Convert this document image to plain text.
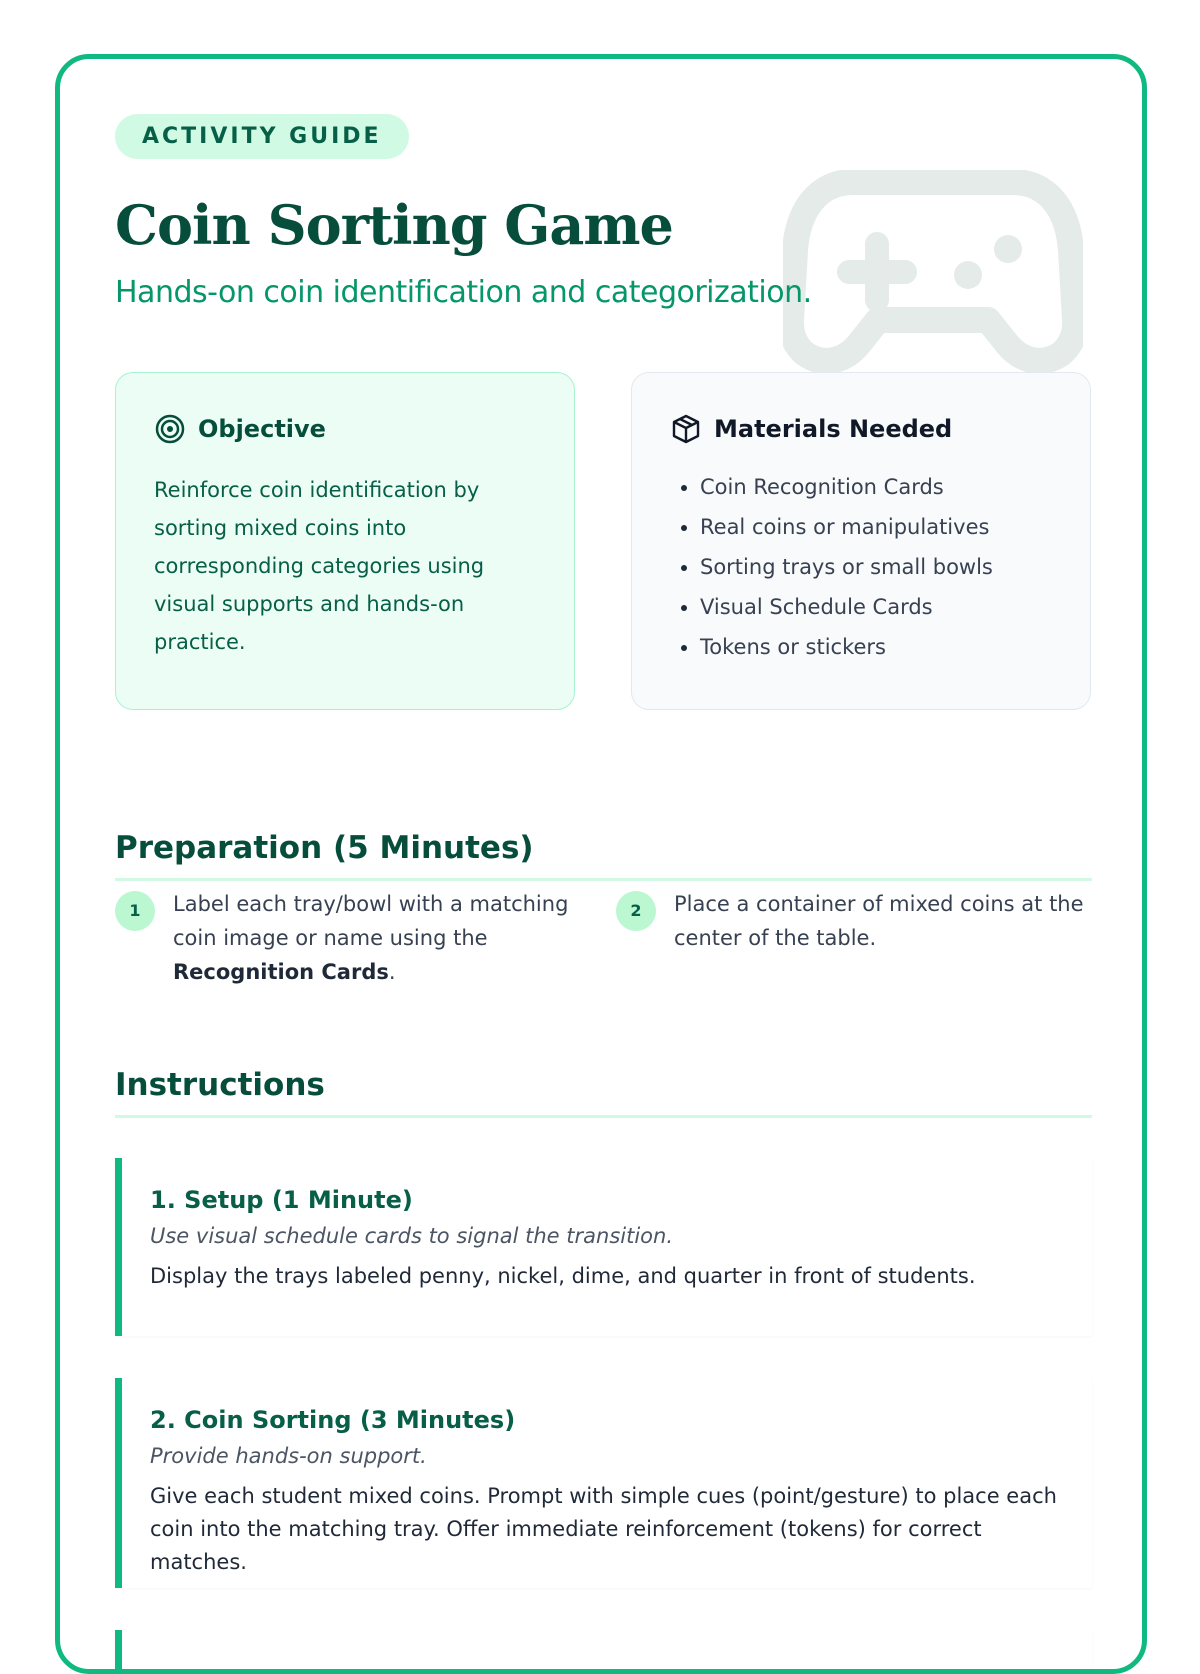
ACTIVITY GUIDE
Coin Sorting Game

Hands-on coin identification and categorization.

Objective
Reinforce coin identification by sorting mixed coins into corresponding categories using visual supports and hands-on practice.
Materials Needed
• Coin Recognition Cards
• Real coins or manipulatives
• Sorting trays or small bowls
• Visual Schedule Cards
• Tokens or stickers
Preparation (5 Minutes)
1	Label each tray/bowl with a matching coin image or name using the Recognition Cards.
2	Place a container of mixed coins at the center of the table.
Instructions
1. Setup (1 Minute)
Use visual schedule cards to signal the transition.
Display the trays labeled penny, nickel, dime, and quarter in front of students.
2. Coin Sorting (3 Minutes)
Provide hands-on support.
Give each student mixed coins. Prompt with simple cues (point/gesture) to place each coin into the matching tray. Offer immediate reinforcement (tokens) for correct matches.
